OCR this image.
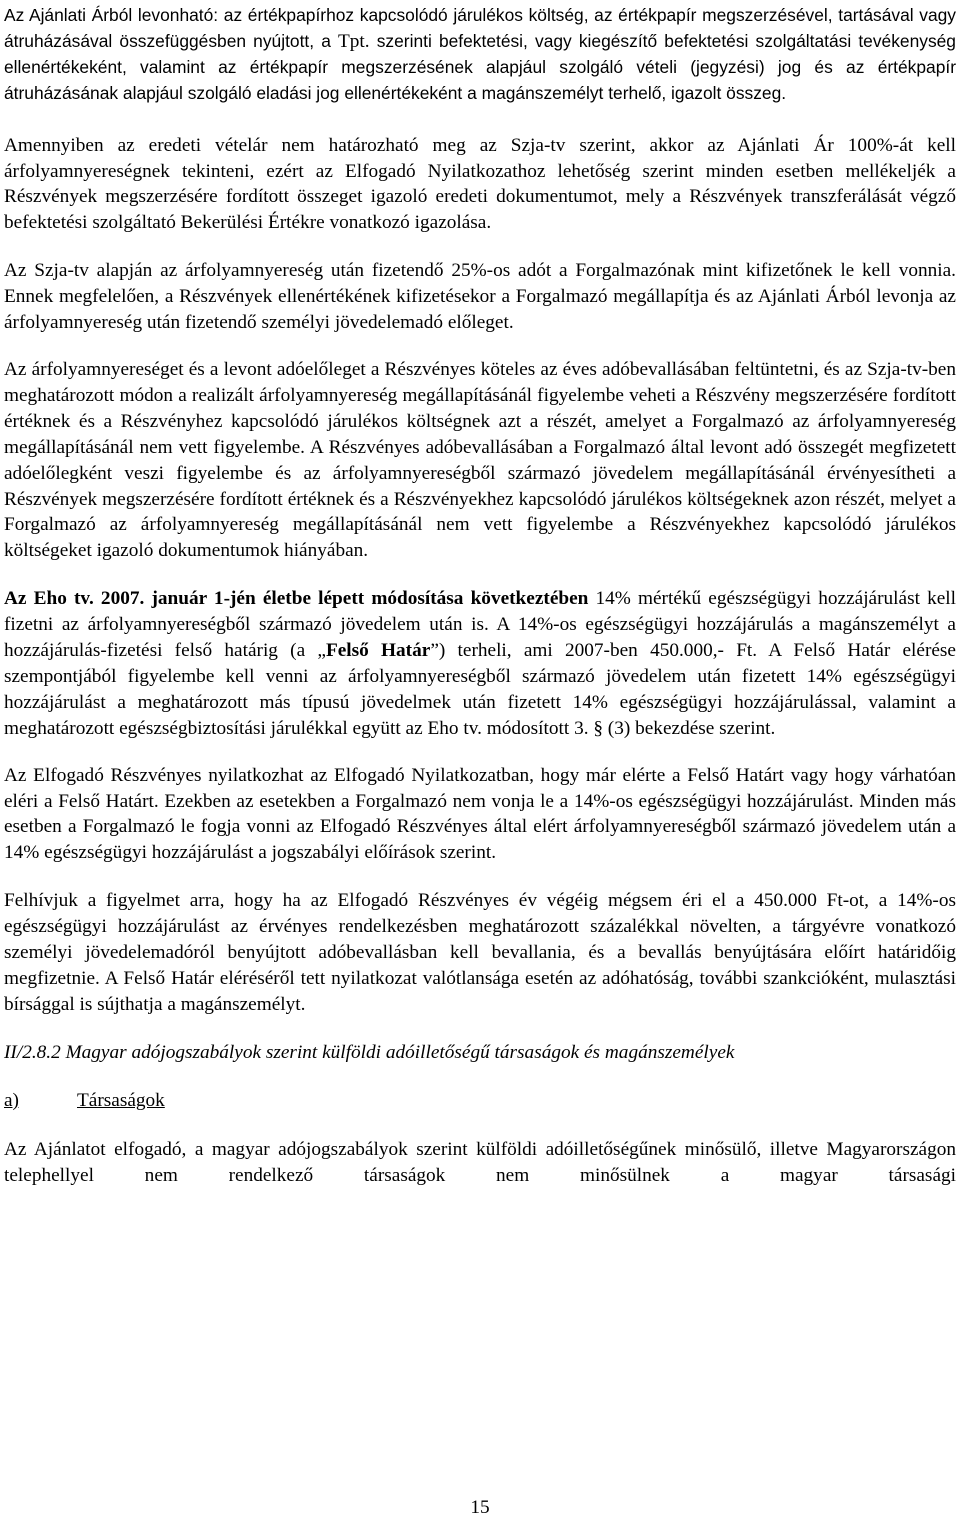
Az Ajánlati Árból levonható: az értékpapírhoz kapcsolódó járulékos költség, az értékpapír megszerzésével, tartásával vagy átruházásával összefüggésben nyújtott, a Tpt. szerinti befektetési, vagy kiegészítő befektetési szolgáltatási tevékenység ellenértékeként, valamint az értékpapír megszerzésének alapjául szolgáló vételi (jegyzési) jog és az értékpapír átruházásának alapjául szolgáló eladási jog ellenértékeként a magánszemélyt terhelő, igazolt összeg.

Amennyiben az eredeti vételár nem határozható meg az Szja-tv szerint, akkor az Ajánlati Ár 100%-át kell árfolyamnyereségnek tekinteni, ezért az Elfogadó Nyilatkozathoz lehetőség szerint minden esetben mellékeljék a Részvények megszerzésére fordított összeget igazoló eredeti dokumentumot, mely a Részvények transzferálását végző befektetési szolgáltató Bekerülési Értékre vonatkozó igazolása.

Az Szja-tv alapján az árfolyamnyereség után fizetendő 25%-os adót a Forgalmazónak mint kifizetőnek le kell vonnia. Ennek megfelelően, a Részvények ellenértékének kifizetésekor a Forgalmazó megállapítja és az Ajánlati Árból levonja az árfolyamnyereség után fizetendő személyi jövedelemadó előleget.

Az árfolyamnyereséget és a levont adóelőleget a Részvényes köteles az éves adóbevallásában feltüntetni, és az Szja-tv-ben meghatározott módon a realizált árfolyamnyereség megállapításánál figyelembe veheti a Részvény megszerzésére fordított értéknek és a Részvényhez kapcsolódó járulékos költségnek azt a részét, amelyet a Forgalmazó az árfolyamnyereség megállapításánál nem vett figyelembe. A Részvényes adóbevallásában a Forgalmazó által levont adó összegét megfizetett adóelőlegként veszi figyelembe és az árfolyamnyereségből származó jövedelem megállapításánál érvényesítheti a Részvények megszerzésére fordított értéknek és a Részvényekhez kapcsolódó járulékos költségeknek azon részét, melyet a Forgalmazó az árfolyamnyereség megállapításánál nem vett figyelembe a Részvényekhez kapcsolódó járulékos költségeket igazoló dokumentumok hiányában.

Az Eho tv. 2007. január 1-jén életbe lépett módosítása következtében 14% mértékű egészségügyi hozzájárulást kell fizetni az árfolyamnyereségből származó jövedelem után is. A 14%-os egészségügyi hozzájárulás a magánszemélyt a hozzájárulás-fizetési felső határig (a „Felső Határ”) terheli, ami 2007-ben 450.000,- Ft. A Felső Határ elérése szempontjából figyelembe kell venni az árfolyamnyereségből származó jövedelem után fizetett 14% egészségügyi hozzájárulást a meghatározott más típusú jövedelmek után fizetett 14% egészségügyi hozzájárulással, valamint a meghatározott egészségbiztosítási járulékkal együtt az Eho tv. módosított 3. § (3) bekezdése szerint.

Az Elfogadó Részvényes nyilatkozhat az Elfogadó Nyilatkozatban, hogy már elérte a Felső Határt vagy hogy várhatóan eléri a Felső Határt. Ezekben az esetekben a Forgalmazó nem vonja le a 14%-os egészségügyi hozzájárulást. Minden más esetben a Forgalmazó le fogja vonni az Elfogadó Részvényes által elért árfolyamnyereségből származó jövedelem után a 14% egészségügyi hozzájárulást a jogszabályi előírások szerint.

Felhívjuk a figyelmet arra, hogy ha az Elfogadó Részvényes év végéig mégsem éri el a 450.000 Ft-ot, a 14%-os egészségügyi hozzájárulást az érvényes rendelkezésben meghatározott százalékkal növelten, a tárgyévre vonatkozó személyi jövedelemadóról benyújtott adóbevallásban kell bevallania, és a bevallás benyújtására előírt határidőig megfizetnie. A Felső Határ eléréséről tett nyilatkozat valótlansága esetén az adóhatóság, további szankcióként, mulasztási bírsággal is sújthatja a magánszemélyt.

II/2.8.2 Magyar adójogszabályok szerint külföldi adóilletőségű társaságok és magánszemélyek

a)	Társaságok

Az Ajánlatot elfogadó, a magyar adójogszabályok szerint külföldi adóilletőségűnek minősülő, illetve Magyarországon telephellyel nem rendelkező társaságok nem minősülnek a magyar társasági

15
